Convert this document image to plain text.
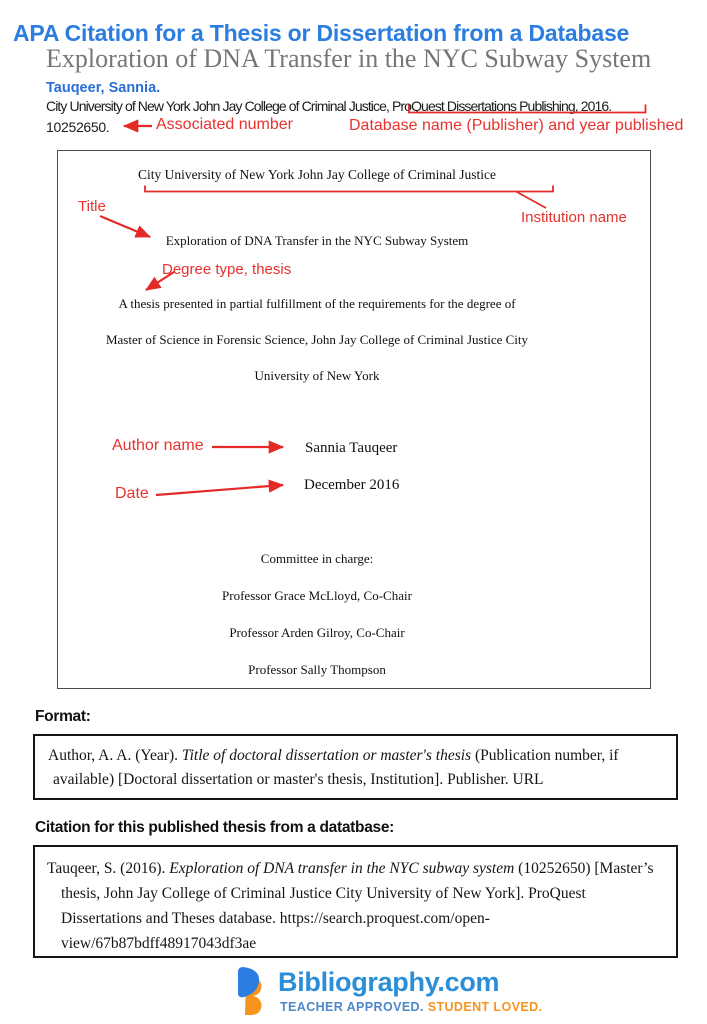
APA Citation for a Thesis or Dissertation from a Database
Exploration of DNA Transfer in the NYC Subway System
Tauqeer, Sannia.
City University of New York John Jay College of Criminal Justice, ProQuest Dissertations Publishing, 2016.
10252650.	Associated number	Database name (Publisher) and year published
City University of New York John Jay College of Criminal Justice
Exploration of DNA Transfer in the NYC Subway System
A thesis presented in partial fulfillment of the requirements for the degree of
Master of Science in Forensic Science, John Jay College of Criminal Justice City
University of New York
Sannia Tauqeer
December 2016
Committee in charge:
Professor Grace McLloyd, Co-Chair
Professor Arden Gilroy, Co-Chair
Professor Sally Thompson
Title
Institution name
Degree type, thesis
Author name
Date
Format:

Author, A. A. (Year). Title of doctoral dissertation or master's thesis (Publication number, if available) [Doctoral dissertation or master's thesis, Institution]. Publisher. URL

Citation for this published thesis from a datatbase:

Tauqeer, S. (2016). Exploration of DNA transfer in the NYC subway system (10252650) [Master’s thesis, John Jay College of Criminal Justice City University of New York]. ProQuest Dissertations and Theses database. https://search.proquest.com/open-view/67b87bdff48917043df3ae

Bibliography.com
TEACHER APPROVED. STUDENT LOVED.
